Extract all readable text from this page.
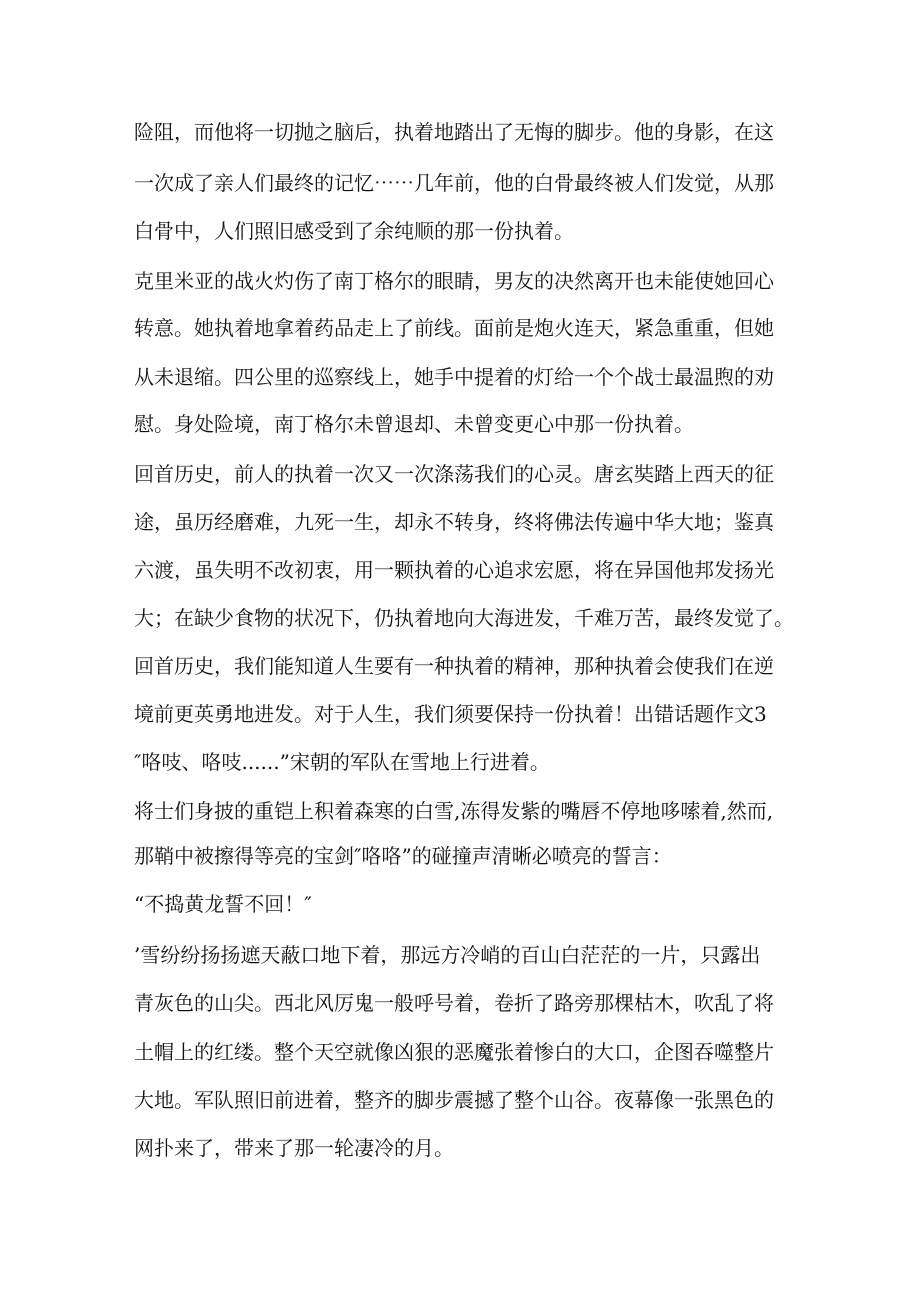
险阻，而他将一切抛之脑后，执着地踏出了无悔的脚步。他的身影，在这
一次成了亲人们最终的记忆⋯⋯几年前，他的白骨最终被人们发觉，从那
白骨中，人们照旧感受到了余纯顺的那一份执着。
克里米亚的战火灼伤了南丁格尔的眼睛，男友的决然离开也未能使她回心
转意。她执着地拿着药品走上了前线。面前是炮火连天，紧急重重，但她
从未退缩。四公里的巡察线上，她手中提着的灯给一个个战士最温煦的劝
慰。身处险境，南丁格尔未曾退却、未曾变更心中那一份执着。
回首历史，前人的执着一次又一次涤荡我们的心灵。唐玄奘踏上西天的征
途，虽历经磨难，九死一生，却永不转身，终将佛法传遍中华大地；鉴真
六渡，虽失明不改初衷，用一颗执着的心追求宏愿，将在异国他邦发扬光
大；在缺少食物的状况下，仍执着地向大海进发，千难万苦，最终发觉了。
回首历史，我们能知道人生要有一种执着的精神，那种执着会使我们在逆
境前更英勇地进发。对于人生，我们须要保持一份执着！出错话题作文3
″咯吱、咯吱......”宋朝的军队在雪地上行进着。
将士们身披的重铠上积着森寒的白雪,冻得发紫的嘴唇不停地哆嗦着,然而,
那鞘中被擦得等亮的宝剑″咯咯”的碰撞声清晰必喷亮的誓言：
“不捣黄龙誓不回！″
’雪纷纷扬扬遮天蔽口地下着，那远方冷峭的百山白茫茫的一片，只露出
青灰色的山尖。西北风厉鬼一般呼号着，卷折了路旁那棵枯木，吹乱了将
土帽上的红缕。整个天空就像凶狠的恶魔张着惨白的大口，企图吞噬整片
大地。军队照旧前进着，整齐的脚步震撼了整个山谷。夜幕像一张黑色的
网扑来了，带来了那一轮凄冷的月。
